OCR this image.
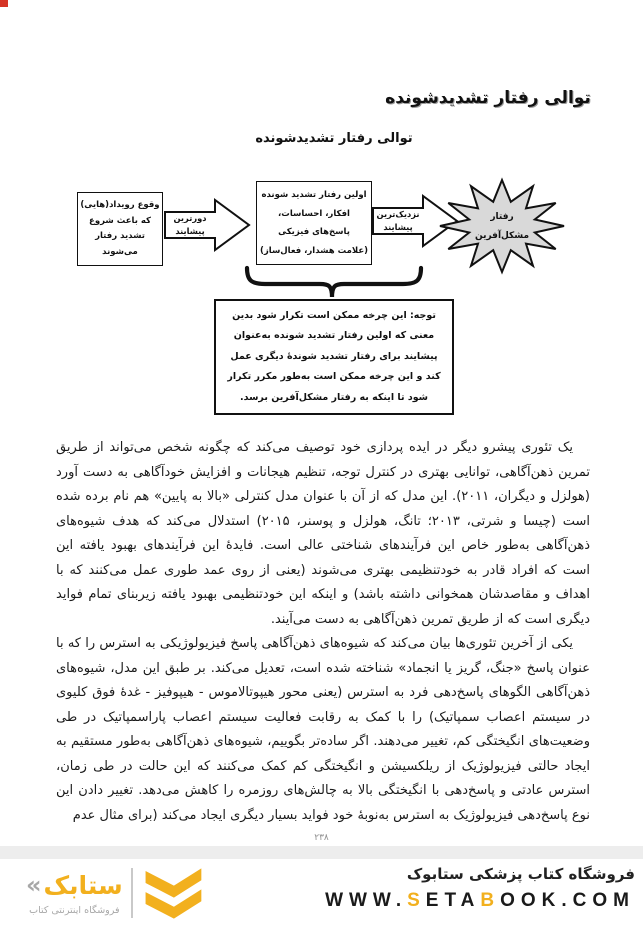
توالی رفتار تشدیدشونده
توالی رفتار تشدیدشونده
وقوع رویداد(هایی)
که باعث شروع
تشدید رفتار
می‌شوند
دورترین
پیشایند
اولین رفتار تشدید شونده
افکار، احساسات،
پاسخ‌های فیزیکی
(علامت هشدار، فعال‌ساز)
نزدیک‌ترین
پیشایند
رفتار
مشکل‌آفرین
توجه: این چرخه ممکن است تکرار شود بدین معنی که اولین رفتار تشدید شونده به‌عنوان پیشایند برای رفتار تشدید شوندهٔ دیگری عمل کند و این چرخه ممکن است به‌طور مکرر تکرار شود تا اینکه به رفتار مشکل‌آفرین برسد.

یک تئوری پیشرو دیگر در ایده پردازی خود توصیف می‌کند که چگونه شخص می‌تواند از طریق تمرین ذهن‌آگاهی، توانایی بهتری در کنترل توجه، تنظیم هیجانات و افزایش خودآگاهی به دست آورد (هولزل و دیگران، ۲۰۱۱). این مدل که از آن با عنوان مدل کنترلی «بالا به پایین» هم نام برده شده است (چیسا و شرتی، ۲۰۱۳؛ تانگ، هولزل و پوسنر، ۲۰۱۵) استدلال می‌کند که هدف شیوه‌های ذهن‌آگاهی به‌طور خاص این فرآیندهای شناختی عالی است. فایدهٔ این فرآیندهای بهبود یافته این است که افراد قادر به خودتنظیمی بهتری می‌شوند (یعنی از روی عمد طوری عمل می‌کنند که با اهداف و مقاصدشان همخوانی داشته باشد) و اینکه این خودتنظیمی بهبود یافته زیربنای تمام فواید دیگری است که از طریق تمرین ذهن‌آگاهی به دست می‌آیند.

یکی از آخرین تئوری‌ها بیان می‌کند که شیوه‌های ذهن‌آگاهی پاسخ فیزیولوژیکی به استرس را که با عنوان پاسخ «جنگ، گریز یا انجماد» شناخته شده است، تعدیل می‌کند. بر طبق این مدل، شیوه‌های ذهن‌آگاهی الگوهای پاسخ‌دهی فرد به استرس (یعنی محور هیپوتالاموس - هیپوفیز - غدهٔ فوق کلیوی در سیستم اعصاب سمپاتیک) را با کمک به رقابت فعالیت سیستم اعصاب پاراسمپاتیک در طی وضعیت‌های انگیختگی کم، تغییر می‌دهند. اگر ساده‌تر بگوییم، شیوه‌های ذهن‌آگاهی به‌طور مستقیم به ایجاد حالتی فیزیولوژیک از ریلکسیشن و انگیختگی کم کمک می‌کنند که این حالت در طی زمان، استرس عادتی و پاسخ‌دهی با انگیختگی بالا به چالش‌های روزمره را کاهش می‌دهد. تغییر دادن این نوع پاسخ‌دهی فیزیولوژیک به استرس به‌نوبهٔ خود فواید بسیار دیگری ایجاد می‌کند (برای مثال عدم

۲۳۸
« ستابک
فروشگاه اینترنتی کتاب
فروشگاه کتاب پزشکی ستابوک
WWW.SETABOOK.COM
